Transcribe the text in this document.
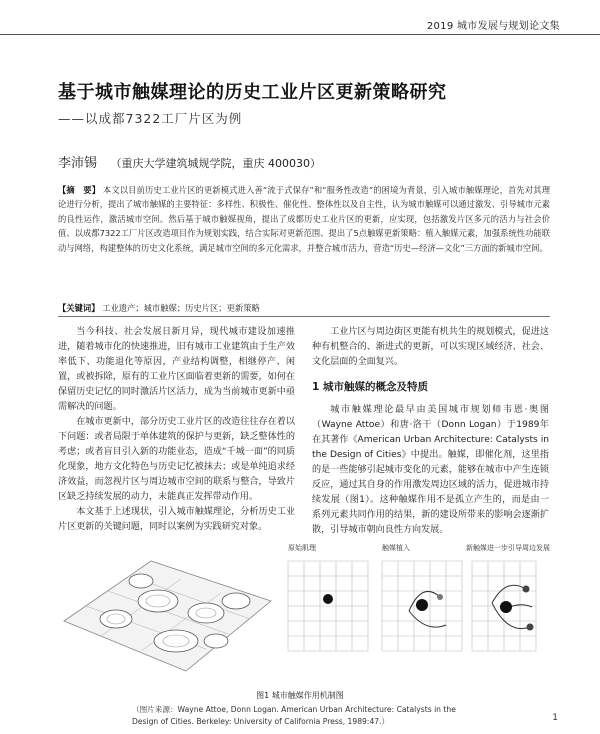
2019 城市发展与规划论文集
基于城市触媒理论的历史工业片区更新策略研究
——以成都7322工厂片区为例
李沛锡 （重庆大学建筑城规学院，重庆 400030）
【摘　要】 本文以目前历史工业片区的更新模式进入善“流于式保存”和“服务性改造”的困境为背景，引入城市触媒理论，首先对其理论进行分析，提出了城市触媒的主要特征：多样性、积极性、催化性、整体性以及自主性，认为城市触媒可以通过激发、引导城市元素的良性运作，激活城市空间。然后基于城市触媒视角，提出了成都历史工业片区的更新，应实现，包括激发片区多元的活力与社会价值、以成都7322工厂片区改造项目作为规划实践，结合实际对更新范围、提出了5点触媒更新策略：植入触媒元素，加强系统性功能联动与网络，构建整体的历史文化系统，满足城市空间的多元化需求，并整合城市活力，营造“历史—经济—文化”三方面的新城市空间。
【关键词】 工业遗产；城市触媒；历史片区；更新策略

当今科技、社会发展日新月异，现代城市建设加速推进，随着城市化的快速推进，旧有城市工业建筑由于生产效率低下、功能退化等原因，产业结构调整，相继停产、闲置，或被拆除，原有的工业片区面临着更新的需要，如何在保留历史记忆的同时激活片区活力，成为当前城市更新中亟需解决的问题。

在城市更新中，部分历史工业片区的改造往往存在着以下问题：或者局限于单体建筑的保护与更新，缺乏整体性的考虑；或者盲目引入新的功能业态，造成“千城一面”的同质化现象，地方文化特色与历史记忆被抹去；或是单纯追求经济效益，而忽视片区与周边城市空间的联系与整合，导致片区缺乏持续发展的动力，未能真正发挥带动作用。

本文基于上述现状，引入城市触媒理论，分析历史工业片区更新的关键问题，同时以案例为实践研究对象。

工业片区与周边街区更能有机共生的规划模式，促进这种有机整合的、渐进式的更新，可以实现区域经济、社会、文化层面的全面复兴。

1 城市触媒的概念及特质

城市触媒理论最早由美国城市规划师韦恩·奥图（Wayne Attoe）和唐·洛干（Donn Logan）于1989年在其著作《American Urban Architecture: Catalysts in the Design of Cities》中提出。触媒，即催化剂，这里指的是一些能够引起城市变化的元素，能够在城市中产生连锁反应，通过其自身的作用激发周边区域的活力，促进城市持续发展（图1）。这种触媒作用不是孤立产生的，而是由一系列元素共同作用的结果，新的建设所带来的影响会逐渐扩散，引导城市朝向良性方向发展。

原始肌理	触媒植入	新触媒进一步引导周边发展
图1 城市触媒作用机制图
（图片来源：Wayne Attoe, Donn Logan. American Urban Architecture: Catalysts in the Design of Cities. Berkeley: University of California Press, 1989:47.）	1
